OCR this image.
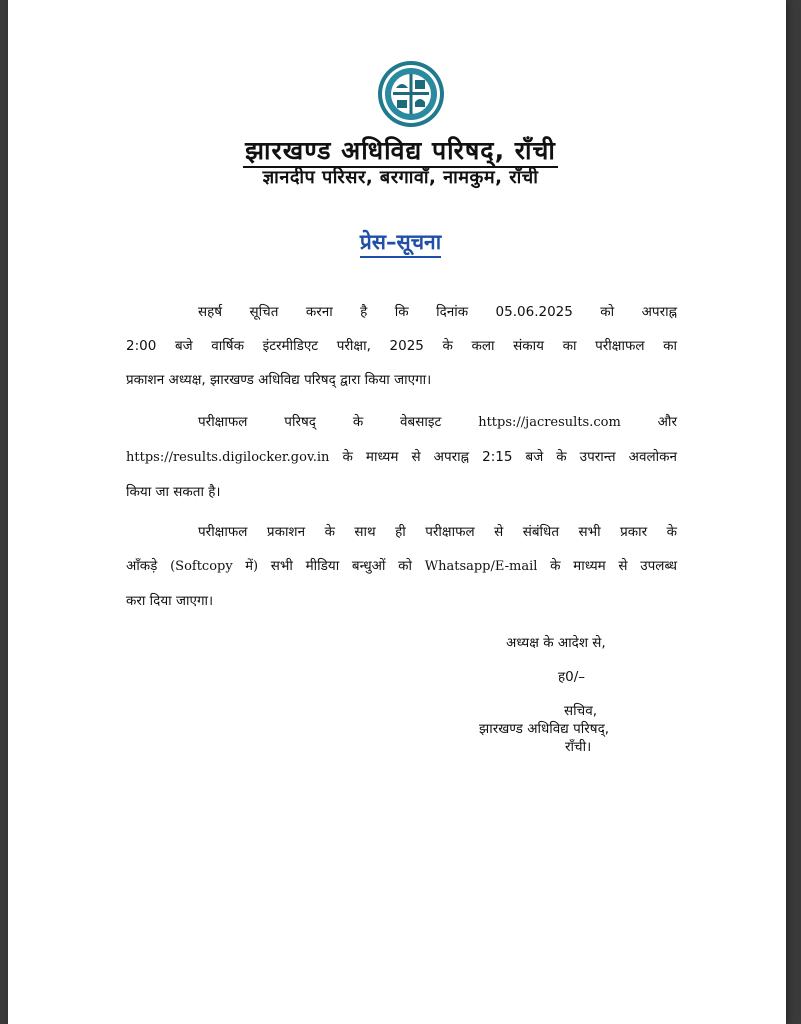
झारखण्ड अधिविद्य परिषद्, राँची
ज्ञानदीप परिसर, बरगावाँ, नामकुम, राँची
प्रेस–सूचना
सहर्ष सूचित करना है कि दिनांक 05.06.2025 को अपराह्न
2:00 बजे वार्षिक इंटरमीडिएट परीक्षा, 2025 के कला संकाय का परीक्षाफल का
प्रकाशन अध्यक्ष, झारखण्ड अधिविद्य परिषद् द्वारा किया जाएगा।
परीक्षाफल परिषद् के वेबसाइट	https://jacresults.com	और
https://results.digilocker.gov.in के माध्यम से अपराह्न 2:15 बजे के उपरान्त अवलोकन
किया जा सकता है।
परीक्षाफल प्रकाशन के साथ ही परीक्षाफल से संबंधित सभी प्रकार के
आँकड़े (Softcopy में) सभी मीडिया बन्धुओं को Whatsapp/E-mail के माध्यम से उपलब्ध
करा दिया जाएगा।
अध्यक्ष के आदेश से,
ह0/–
सचिव,
झारखण्ड अधिविद्य परिषद्,
राँची।
